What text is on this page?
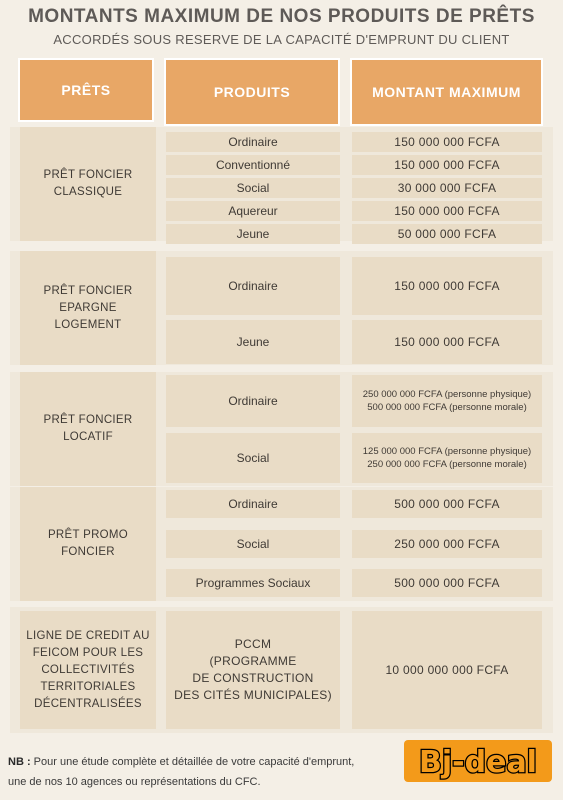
MONTANTS MAXIMUM DE NOS PRODUITS DE PRÊTS
ACCORDÉS SOUS RESERVE DE LA CAPACITÉ D'EMPRUNT DU CLIENT
PRÊTS	PRODUITS	MONTANT MAXIMUM
PRÊT FONCIER
CLASSIQUE
Ordinaire
Conventionné
Social
Aquereur
Jeune
150 000 000 FCFA
150 000 000 FCFA
30 000 000 FCFA
150 000 000 FCFA
50 000 000 FCFA
PRÊT FONCIER
EPARGNE
LOGEMENT
Ordinaire
Jeune
150 000 000 FCFA
150 000 000 FCFA
PRÊT FONCIER
LOCATIF
Ordinaire
Social
250 000 000 FCFA (personne physique)
500 000 000 FCFA (personne morale)
125 000 000 FCFA (personne physique)
250 000 000 FCFA (personne morale)
PRÊT PROMO
FONCIER
Ordinaire
Social
Programmes Sociaux
500 000 000 FCFA
250 000 000 FCFA
500 000 000 FCFA
LIGNE DE CREDIT AU
FEICOM POUR LES
COLLECTIVITÉS
TERRITORIALES
DÉCENTRALISÉES
PCCM
(PROGRAMME
DE CONSTRUCTION
DES CITÉS MUNICIPALES)
10 000 000 000 FCFA
NB : Pour une étude complète et détaillée de votre capacité d'emprunt,
une de nos 10 agences ou représentations du CFC.
Bj-deal
